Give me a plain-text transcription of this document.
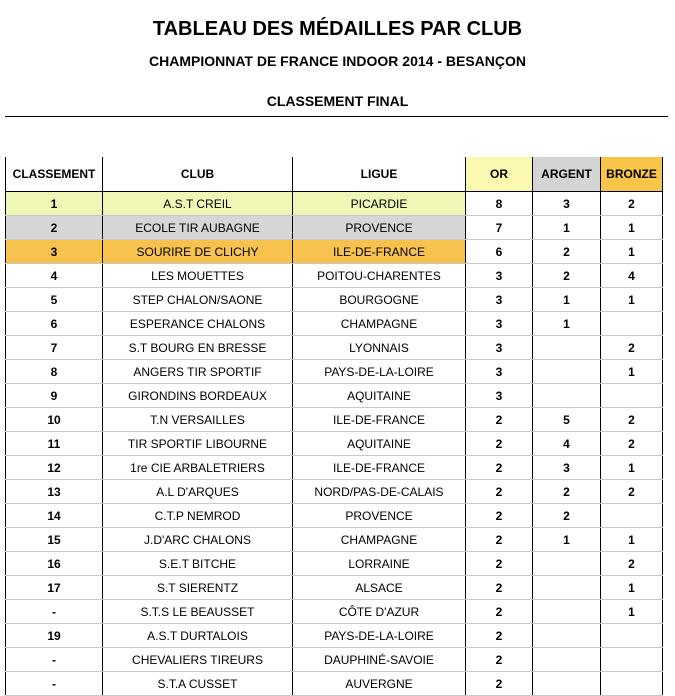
TABLEAU DES MÉDAILLES PAR CLUB
CHAMPIONNAT DE FRANCE INDOOR 2014 - BESANÇON
CLASSEMENT FINAL
CLASSEMENT	CLUB	LIGUE	OR	ARGENT	BRONZE
1	A.S.T CREIL	PICARDIE	8	3	2
2	ECOLE TIR AUBAGNE	PROVENCE	7	1	1
3	SOURIRE DE CLICHY	ILE-DE-FRANCE	6	2	1
4	LES MOUETTES	POITOU-CHARENTES	3	2	4
5	STEP CHALON/SAONE	BOURGOGNE	3	1	1
6	ESPERANCE CHALONS	CHAMPAGNE	3	1	
7	S.T BOURG EN BRESSE	LYONNAIS	3		2
8	ANGERS TIR SPORTIF	PAYS-DE-LA-LOIRE	3		1
9	GIRONDINS BORDEAUX	AQUITAINE	3		
10	T.N VERSAILLES	ILE-DE-FRANCE	2	5	2
11	TIR SPORTIF LIBOURNE	AQUITAINE	2	4	2
12	1re CIE ARBALETRIERS	ILE-DE-FRANCE	2	3	1
13	A.L D'ARQUES	NORD/PAS-DE-CALAIS	2	2	2
14	C.T.P NEMROD	PROVENCE	2	2	
15	J.D'ARC CHALONS	CHAMPAGNE	2	1	1
16	S.E.T BITCHE	LORRAINE	2		2
17	S.T SIERENTZ	ALSACE	2		1
-	S.T.S LE BEAUSSET	CÔTE D'AZUR	2		1
19	A.S.T DURTALOIS	PAYS-DE-LA-LOIRE	2		
-	CHEVALIERS TIREURS	DAUPHINÉ-SAVOIE	2		
-	S.T.A CUSSET	AUVERGNE	2		
